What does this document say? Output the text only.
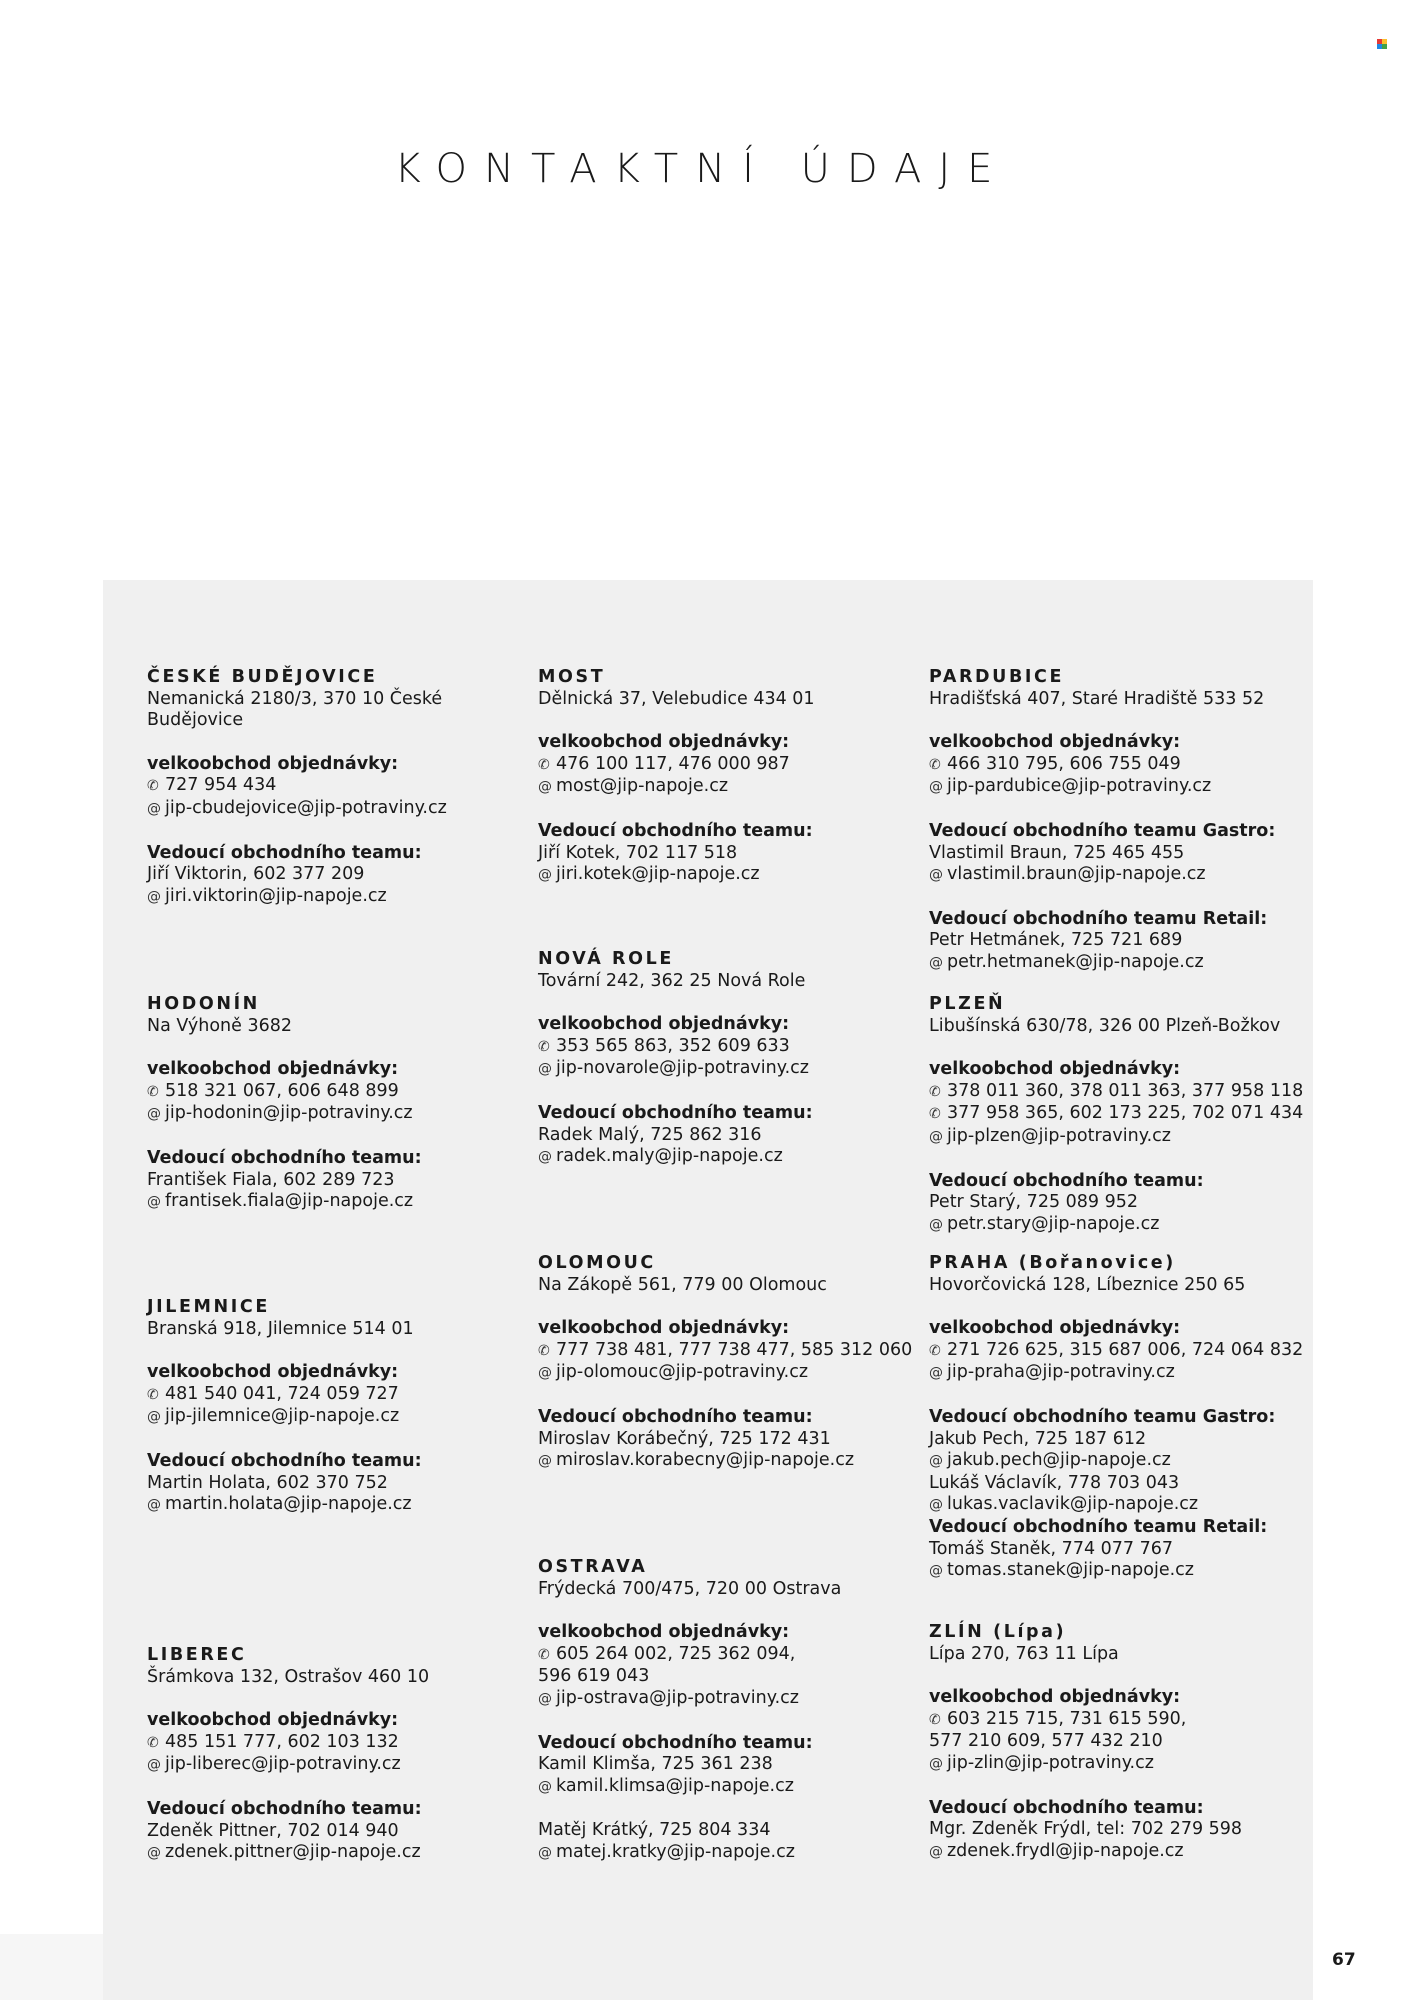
KONTAKTNÍ ÚDAJE
67
ČESKÉ BUDĚJOVICE
Nemanická 2180/3, 370 10 České
Budějovice
velkoobchod objednávky:
✆ 727 954 434
@ jip-cbudejovice@jip-potraviny.cz
Vedoucí obchodního teamu:
Jiří Viktorin, 602 377 209
@ jiri.viktorin@jip-napoje.cz
HODONÍN
Na Výhoně 3682
velkoobchod objednávky:
✆ 518 321 067, 606 648 899
@ jip-hodonin@jip-potraviny.cz
Vedoucí obchodního teamu:
František Fiala, 602 289 723
@ frantisek.fiala@jip-napoje.cz
JILEMNICE
Branská 918, Jilemnice 514 01
velkoobchod objednávky:
✆ 481 540 041, 724 059 727
@ jip-jilemnice@jip-napoje.cz
Vedoucí obchodního teamu:
Martin Holata, 602 370 752
@ martin.holata@jip-napoje.cz
LIBEREC
Šrámkova 132, Ostrašov 460 10
velkoobchod objednávky:
✆ 485 151 777, 602 103 132
@ jip-liberec@jip-potraviny.cz
Vedoucí obchodního teamu:
Zdeněk Pittner, 702 014 940
@ zdenek.pittner@jip-napoje.cz
MOST
Dělnická 37, Velebudice 434 01
velkoobchod objednávky:
✆ 476 100 117, 476 000 987
@ most@jip-napoje.cz
Vedoucí obchodního teamu:
Jiří Kotek, 702 117 518
@ jiri.kotek@jip-napoje.cz
NOVÁ ROLE
Tovární 242, 362 25 Nová Role
velkoobchod objednávky:
✆ 353 565 863, 352 609 633
@ jip-novarole@jip-potraviny.cz
Vedoucí obchodního teamu:
Radek Malý, 725 862 316
@ radek.maly@jip-napoje.cz
OLOMOUC
Na Zákopě 561, 779 00 Olomouc
velkoobchod objednávky:
✆ 777 738 481, 777 738 477, 585 312 060
@ jip-olomouc@jip-potraviny.cz
Vedoucí obchodního teamu:
Miroslav Korábečný, 725 172 431
@ miroslav.korabecny@jip-napoje.cz
OSTRAVA
Frýdecká 700/475, 720 00 Ostrava
velkoobchod objednávky:
✆ 605 264 002, 725 362 094,
596 619 043
@ jip-ostrava@jip-potraviny.cz
Vedoucí obchodního teamu:
Kamil Klimša, 725 361 238
@ kamil.klimsa@jip-napoje.cz
Matěj Krátký, 725 804 334
@ matej.kratky@jip-napoje.cz
PARDUBICE
Hradišťská 407, Staré Hradiště 533 52
velkoobchod objednávky:
✆ 466 310 795, 606 755 049
@ jip-pardubice@jip-potraviny.cz
Vedoucí obchodního teamu Gastro:
Vlastimil Braun, 725 465 455
@ vlastimil.braun@jip-napoje.cz
Vedoucí obchodního teamu Retail:
Petr Hetmánek, 725 721 689
@ petr.hetmanek@jip-napoje.cz
PLZEŇ
Libušínská 630/78, 326 00 Plzeň-Božkov
velkoobchod objednávky:
✆ 378 011 360, 378 011 363, 377 958 118
✆ 377 958 365, 602 173 225, 702 071 434
@ jip-plzen@jip-potraviny.cz
Vedoucí obchodního teamu:
Petr Starý, 725 089 952
@ petr.stary@jip-napoje.cz
PRAHA (Bořanovice)
Hovorčovická 128, Líbeznice 250 65
velkoobchod objednávky:
✆ 271 726 625, 315 687 006, 724 064 832
@ jip-praha@jip-potraviny.cz
Vedoucí obchodního teamu Gastro:
Jakub Pech, 725 187 612
@ jakub.pech@jip-napoje.cz
Lukáš Václavík, 778 703 043
@ lukas.vaclavik@jip-napoje.cz
Vedoucí obchodního teamu Retail:
Tomáš Staněk, 774 077 767
@ tomas.stanek@jip-napoje.cz
ZLÍN (Lípa)
Lípa 270, 763 11 Lípa
velkoobchod objednávky:
✆ 603 215 715, 731 615 590,
577 210 609, 577 432 210
@ jip-zlin@jip-potraviny.cz
Vedoucí obchodního teamu:
Mgr. Zdeněk Frýdl, tel: 702 279 598
@ zdenek.frydl@jip-napoje.cz
